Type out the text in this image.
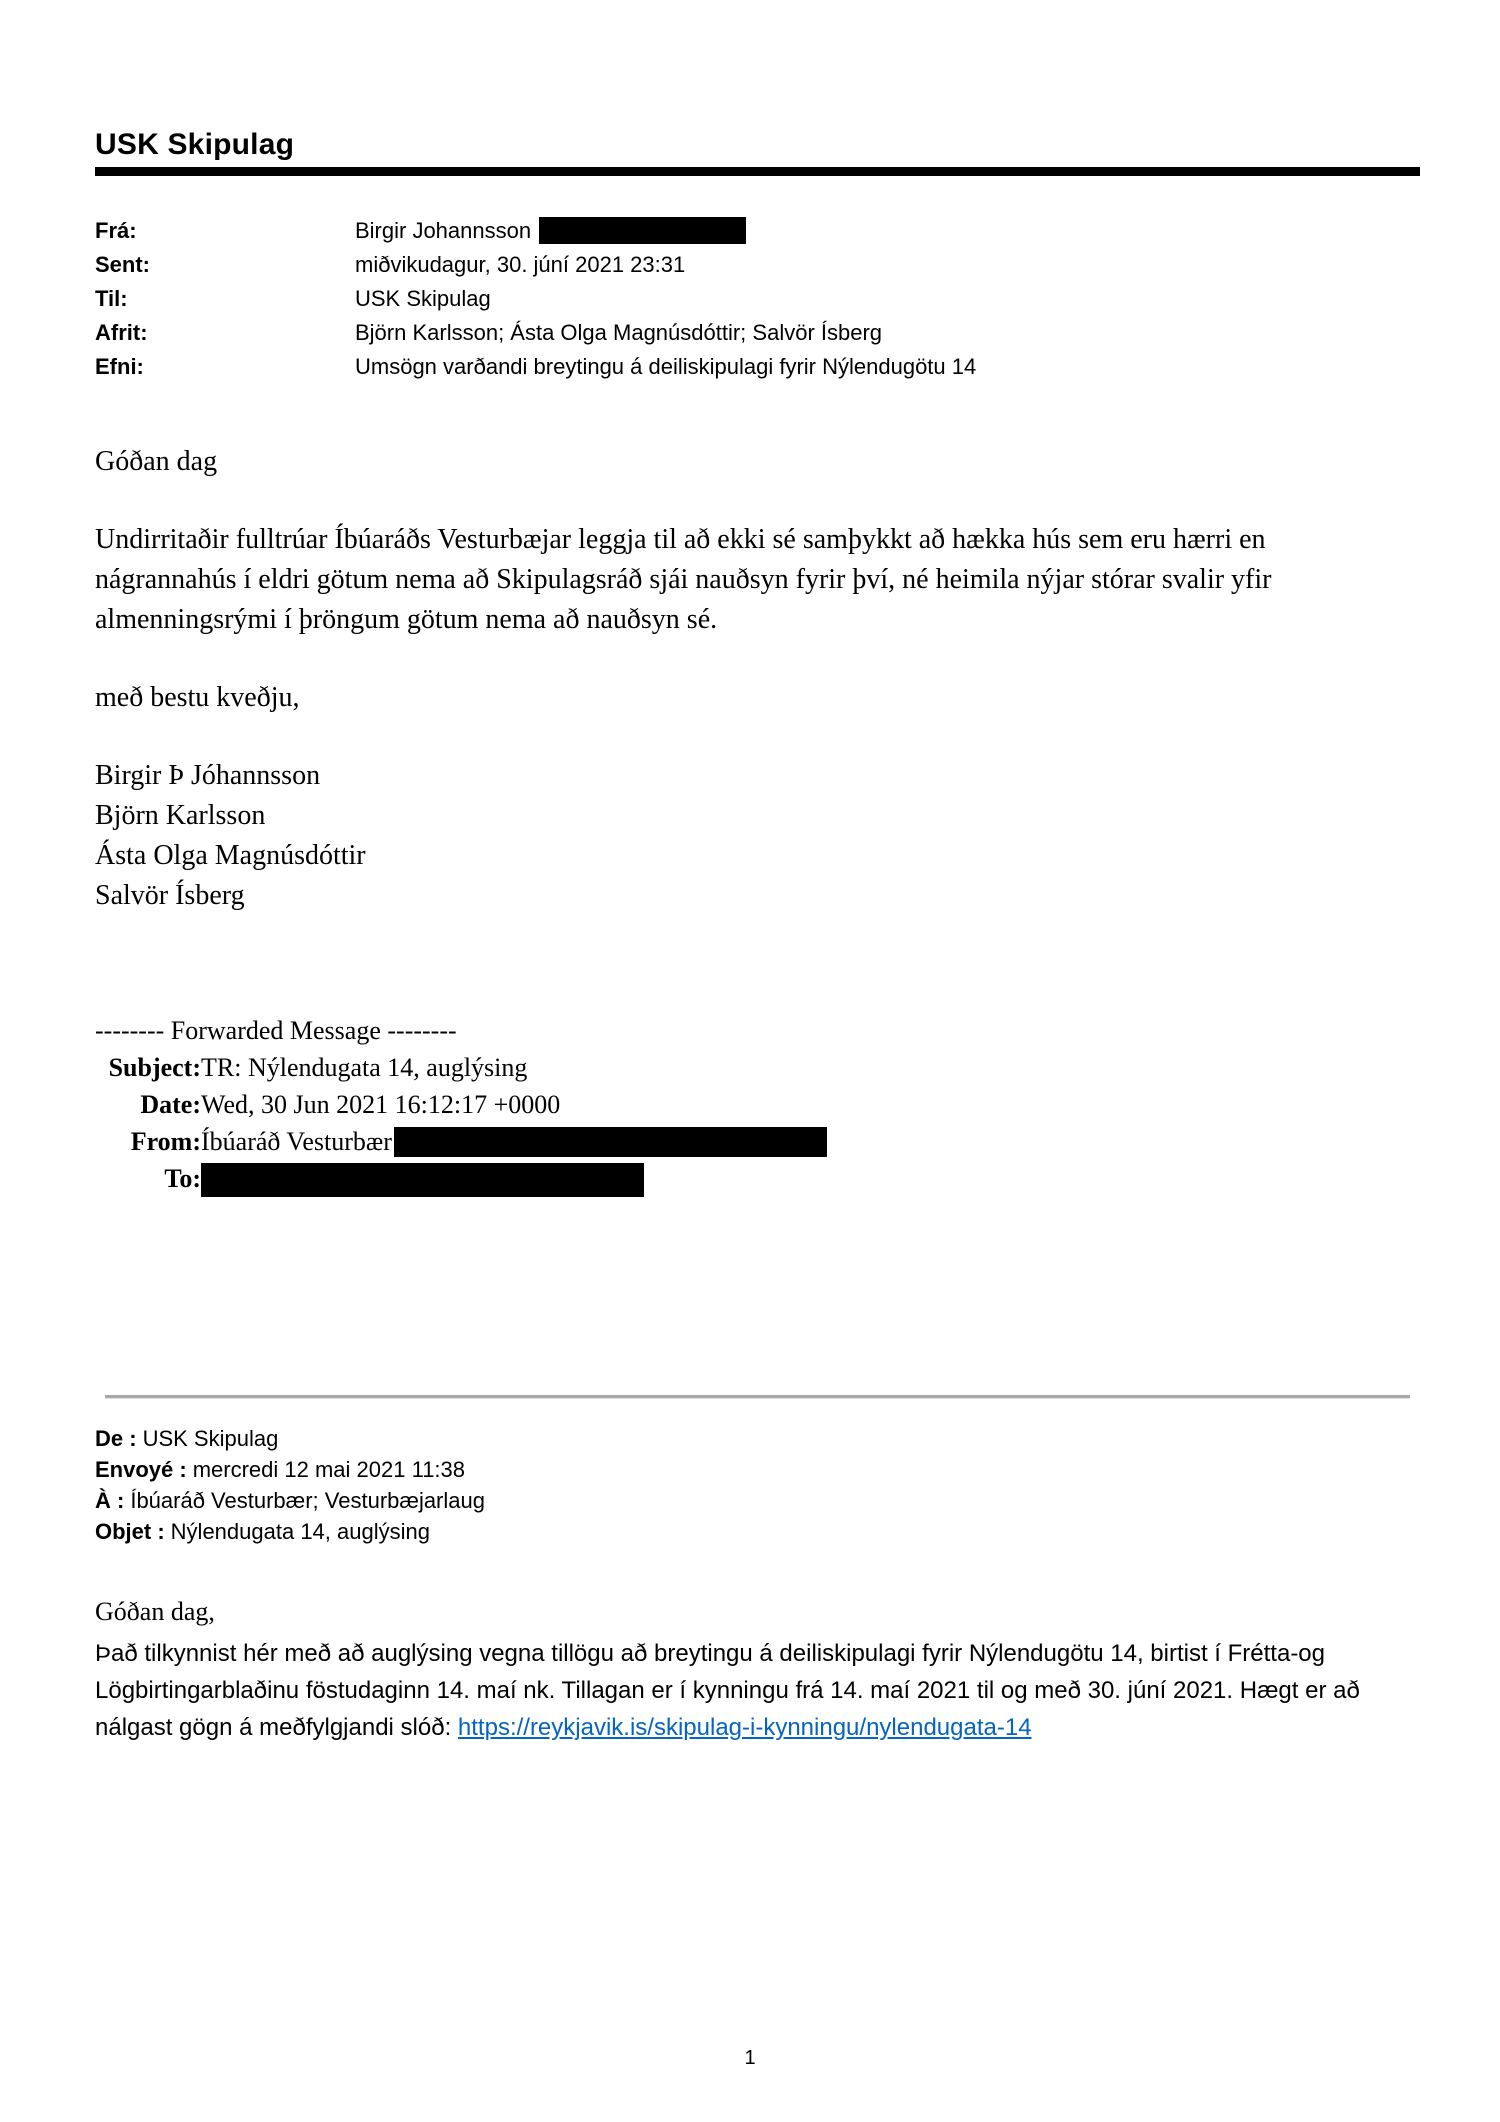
USK Skipulag
Frá:	Birgir Johannsson
Sent:	miðvikudagur, 30. júní 2021 23:31
Til:	USK Skipulag
Afrit:	Björn Karlsson; Ásta Olga Magnúsdóttir; Salvör Ísberg
Efni:	Umsögn varðandi breytingu á deiliskipulagi fyrir Nýlendugötu 14
Góðan dag
Undirritaðir fulltrúar Íbúaráðs Vesturbæjar leggja til að ekki sé samþykkt að hækka hús sem eru hærri en nágrannahús í eldri götum nema að Skipulagsráð sjái nauðsyn fyrir því, né heimila nýjar stórar svalir yfir almenningsrými í þröngum götum nema að nauðsyn sé.
með bestu kveðju,
Birgir Þ Jóhannsson
Björn Karlsson
Ásta Olga Magnúsdóttir
Salvör Ísberg
-------- Forwarded Message --------
Subject: TR: Nýlendugata 14, auglýsing
Date: Wed, 30 Jun 2021 16:12:17 +0000
From: Íbúaráð Vesturbær
To:
De : USK Skipulag
Envoyé : mercredi 12 mai 2021 11:38
À : Íbúaráð Vesturbær; Vesturbæjarlaug
Objet : Nýlendugata 14, auglýsing
Góðan dag,
Það tilkynnist hér með að auglýsing vegna tillögu að breytingu á deiliskipulagi fyrir Nýlendugötu 14, birtist í Frétta-og Lögbirtingarblaðinu föstudaginn 14. maí nk. Tillagan er í kynningu frá 14. maí 2021 til og með 30. júní 2021. Hægt er að nálgast gögn á meðfylgjandi slóð: https://reykjavik.is/skipulag-i-kynningu/nylendugata-14
1
